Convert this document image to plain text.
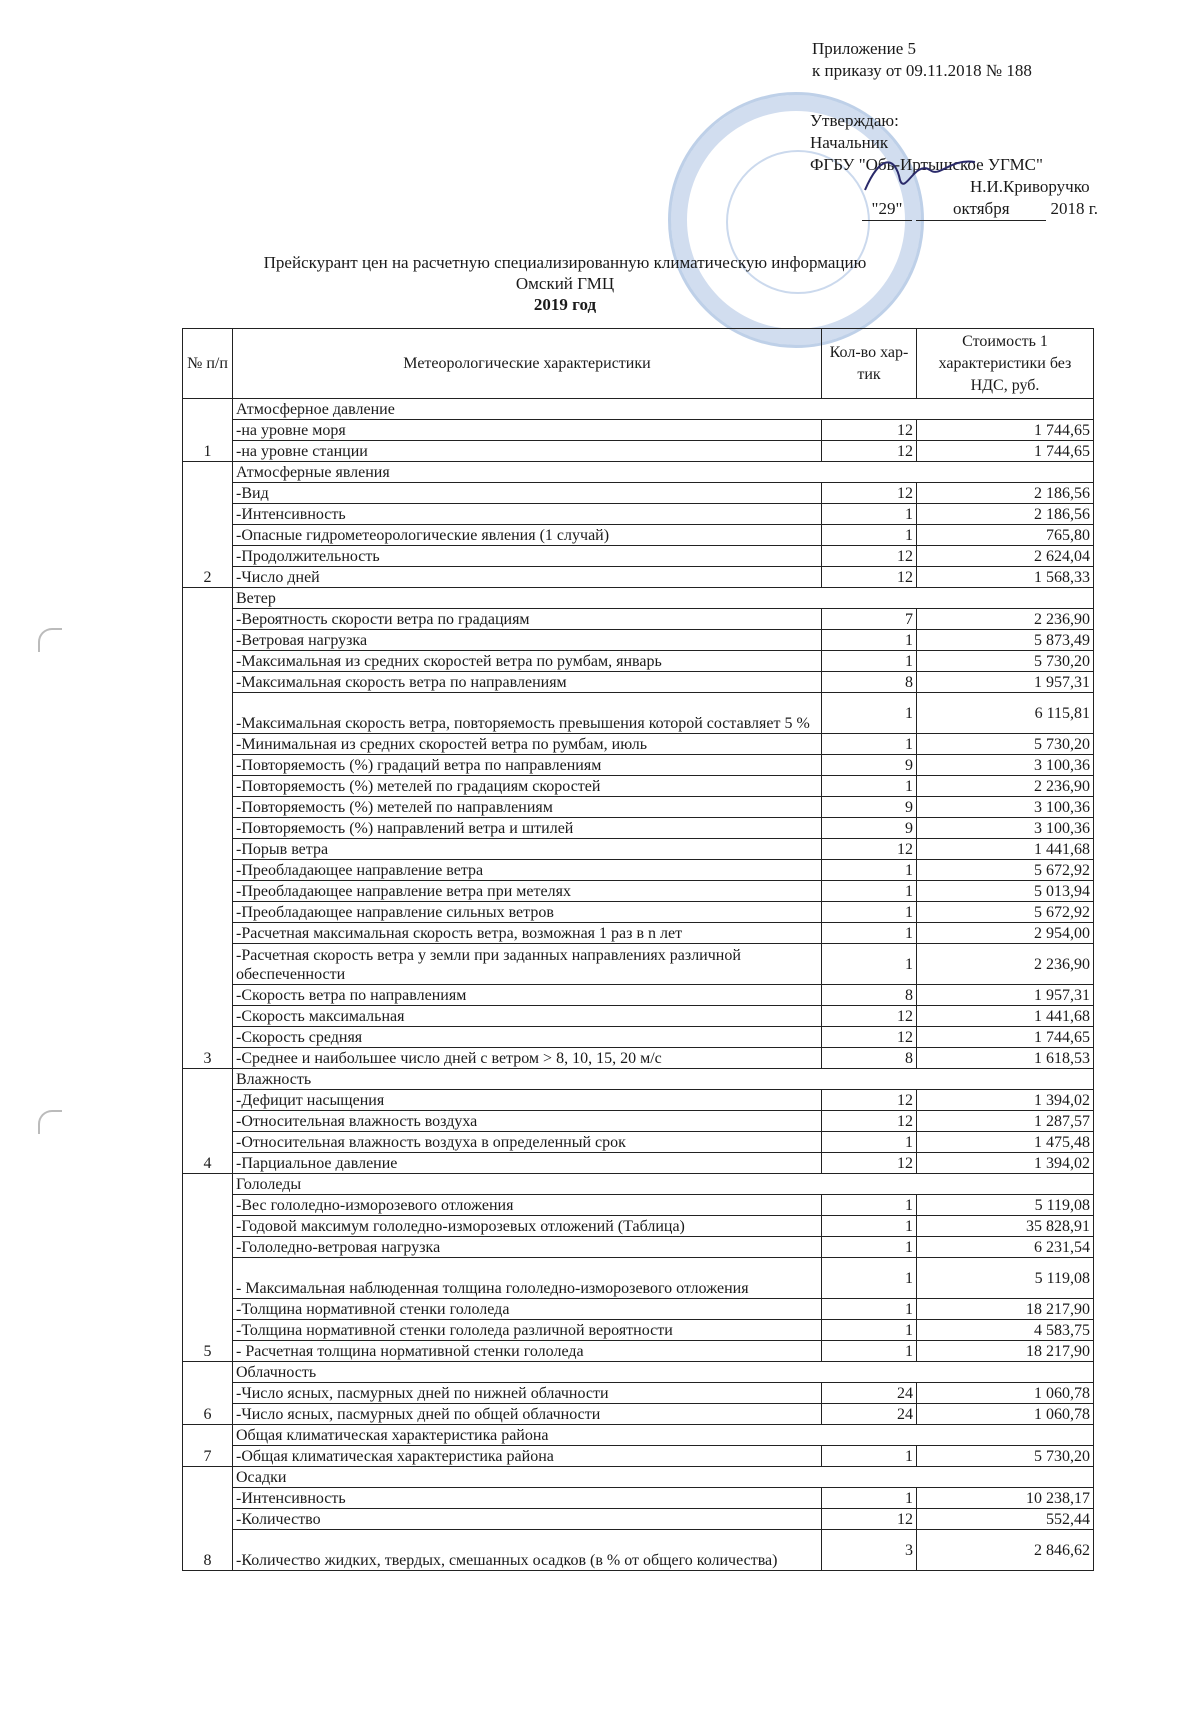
Приложение 5
к приказу от 09.11.2018 № 188
Утверждаю:
Начальник
ФГБУ "Обь-Иртышское УГМС"
Н.И.Криворучко
"29"	октября 2018 г.
Прейскурант цен на расчетную специализированную климатическую информацию
Омский ГМЦ
2019 год
№ п/п	Метеорологические характеристики	Кол-во хар-тик	Стоимость 1 характеристики без НДС, руб.
1	Атмосферное давление		
	-на уровне моря	12	1 744,65
	-на уровне станции	12	1 744,65
2	Атмосферные явления		
	-Вид	12	2 186,56
	-Интенсивность	1	2 186,56
	-Опасные гидрометеорологические явления (1 случай)	1	765,80
	-Продолжительность	12	2 624,04
	-Число дней	12	1 568,33
3	Ветер		
	-Вероятность скорости ветра по градациям	7	2 236,90
	-Ветровая нагрузка	1	5 873,49
	-Максимальная из средних скоростей ветра по румбам, январь	1	5 730,20
	-Максимальная скорость ветра по направлениям	8	1 957,31
	-Максимальная скорость ветра, повторяемость превышения которой составляет 5 %	1	6 115,81
	-Минимальная из средних скоростей ветра по румбам, июль	1	5 730,20
	-Повторяемость (%) градаций ветра по направлениям	9	3 100,36
	-Повторяемость (%) метелей по градациям скоростей	1	2 236,90
	-Повторяемость (%) метелей по направлениям	9	3 100,36
	-Повторяемость (%) направлений ветра и штилей	9	3 100,36
	-Порыв ветра	12	1 441,68
	-Преобладающее направление ветра	1	5 672,92
	-Преобладающее направление ветра при метелях	1	5 013,94
	-Преобладающее направление сильных ветров	1	5 672,92
	-Расчетная максимальная скорость ветра, возможная 1 раз в n лет	1	2 954,00
	-Расчетная скорость ветра у земли при заданных направлениях различной обеспеченности	1	2 236,90
	-Скорость ветра по направлениям	8	1 957,31
	-Скорость максимальная	12	1 441,68
	-Скорость средняя	12	1 744,65
	-Среднее и наибольшее число дней с ветром > 8, 10, 15, 20 м/с	8	1 618,53
4	Влажность		
	-Дефицит насыщения	12	1 394,02
	-Относительная влажность воздуха	12	1 287,57
	-Относительная влажность воздуха в определенный срок	1	1 475,48
	-Парциальное давление	12	1 394,02
5	Гололеды		
	-Вес гололедно-изморозевого отложения	1	5 119,08
	-Годовой максимум гололедно-изморозевых отложений (Таблица)	1	35 828,91
	-Гололедно-ветровая нагрузка	1	6 231,54
	- Максимальная наблюденная толщина гололедно-изморозевого отложения	1	5 119,08
	-Толщина нормативной стенки гололеда	1	18 217,90
	-Толщина нормативной стенки гололеда различной вероятности	1	4 583,75
	- Расчетная толщина нормативной стенки гололеда	1	18 217,90
6	Облачность		
	-Число ясных, пасмурных дней по нижней облачности	24	1 060,78
	-Число ясных, пасмурных дней по общей облачности	24	1 060,78
7	Общая климатическая характеристика района		
	-Общая климатическая характеристика района	1	5 730,20
8	Осадки		
	-Интенсивность	1	10 238,17
	-Количество	12	552,44
	-Количество жидких, твердых, смешанных осадков (в % от общего количества)	3	2 846,62
